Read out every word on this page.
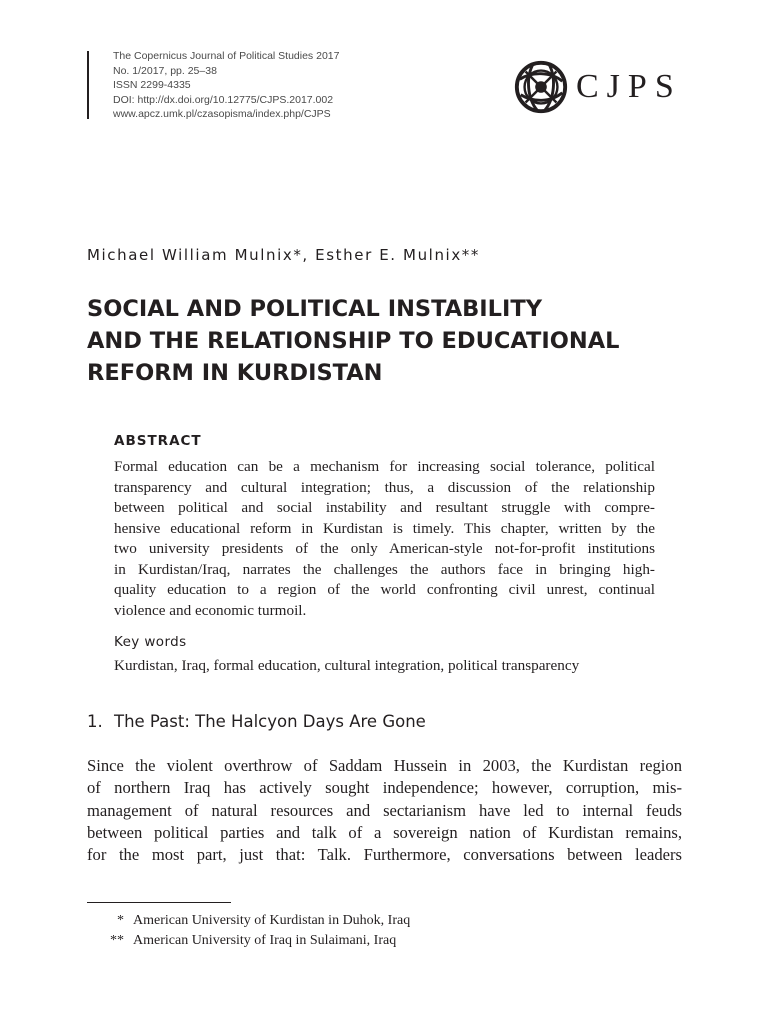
The Copernicus Journal of Political Studies 2017
No. 1/2017, pp. 25–38
ISSN 2299-4335
DOI: http://dx.doi.org/10.12775/CJPS.2017.002
www.apcz.umk.pl/czasopisma/index.php/CJPS
CJPS
Michael William Mulnix*, Esther E. Mulnix**
SOCIAL AND POLITICAL INSTABILITY
AND THE RELATIONSHIP TO EDUCATIONAL
REFORM IN KURDISTAN
ABSTRACT
Formal education can be a mechanism for increasing social tolerance, political
transparency and cultural integration; thus, a discussion of the relationship
between political and social instability and resultant struggle with compre-
hensive educational reform in Kurdistan is timely. This chapter, written by the
two university presidents of the only American-style not-for-profit institutions
in Kurdistan/Iraq, narrates the challenges the authors face in bringing high-
quality education to a region of the world confronting civil unrest, continual
violence and economic turmoil.
Key words
Kurdistan, Iraq, formal education, cultural integration, political transparency
1. The Past: The Halcyon Days Are Gone
Since the violent overthrow of Saddam Hussein in 2003, the Kurdistan region
of northern Iraq has actively sought independence; however, corruption, mis-
management of natural resources and sectarianism have led to internal feuds
between political parties and talk of a sovereign nation of Kurdistan remains,
for the most part, just that: Talk. Furthermore, conversations between leaders
* American University of Kurdistan in Duhok, Iraq
** American University of Iraq in Sulaimani, Iraq
